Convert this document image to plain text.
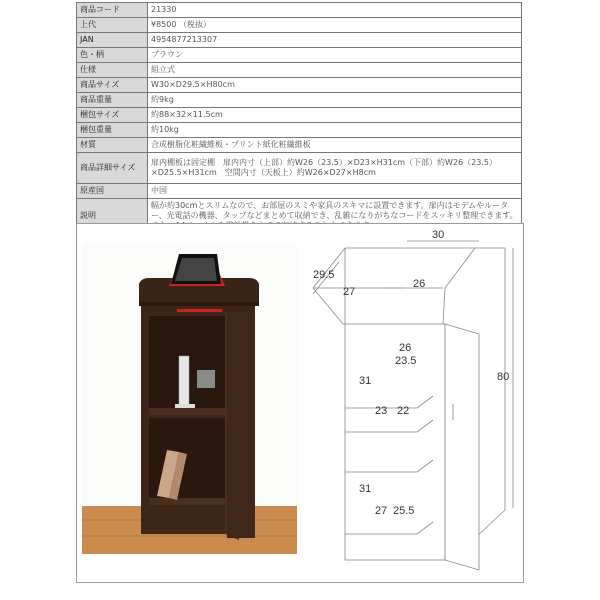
商品コード	21330
上代	¥8500 （税抜）
JAN	4954877213307
色・柄	ブラウン
仕様	組立式
商品サイズ	W30×D29.5×H80cm
商品重量	約9kg
梱包サイズ	約88×32×11.5cm
梱包重量	約10kg
材質	合成樹脂化粧繊維板・プリント紙化粧繊維板
商品詳細サイズ	扉内棚板は固定棚　扉内内寸（上部）約W26（23.5）×D23×H31cm（下部）約W26（23.5）×D25.5×H31cm　空間内寸（天板上）約W26×D27×H8cm
原産国	中国
説明	幅が約30cmとスリムなので、お部屋のスミや家具のスキマに設置できます。扉内はモデムやルーター、光電話の機器、タップなどまとめて収納でき、乱雑になりがちなコードをスッキリ整理できます。
30
29.5
27
26
26
23.5
31
23 22
31
27 25.5
80
